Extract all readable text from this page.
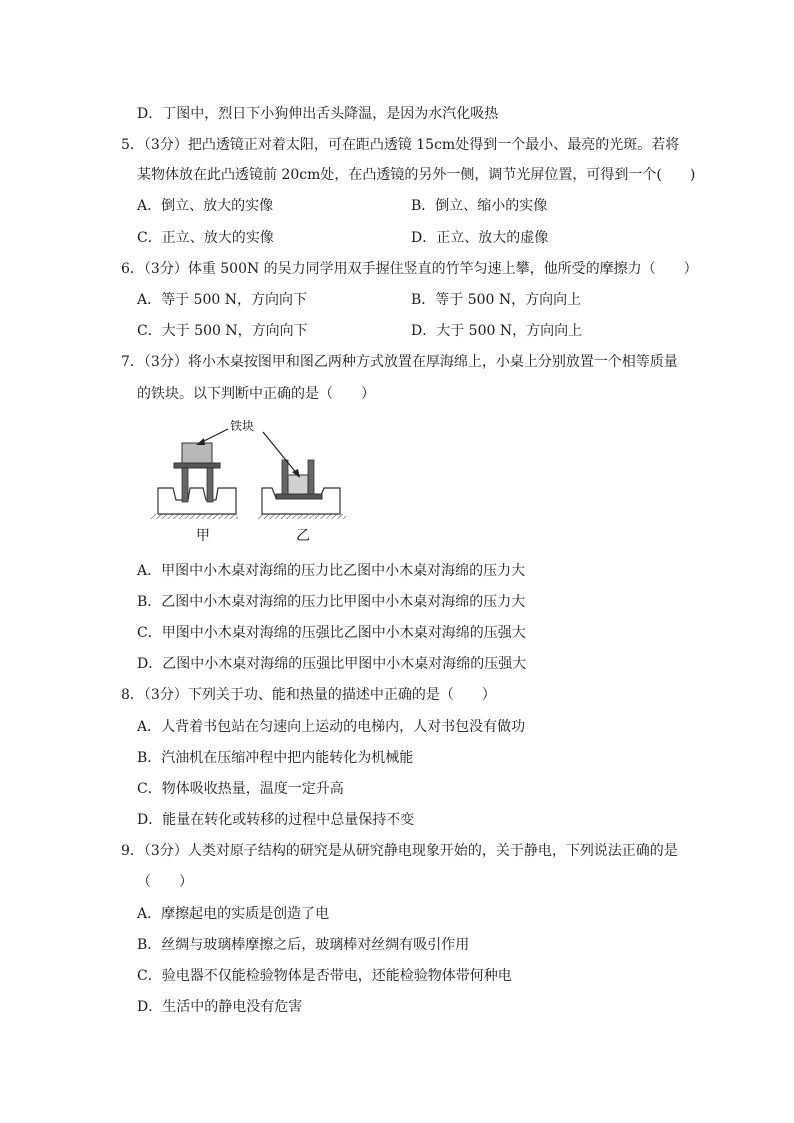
D．丁图中，烈日下小狗伸出舌头降温，是因为水汽化吸热
5．（3分）把凸透镜正对着太阳，可在距凸透镜 15cm处得到一个最小、最亮的光斑。若将
某物体放在此凸透镜前 20cm处，在凸透镜的另外一侧，调节光屏位置，可得到一个(　　)
A．倒立、放大的实像	B．倒立、缩小的实像
C．正立、放大的实像	D．正立、放大的虚像
6．（3分）体重 500N 的吴力同学用双手握住竖直的竹竿匀速上攀，他所受的摩擦力（　　）
A．等于 500 N，方向向下	B．等于 500 N，方向向上
C．大于 500 N，方向向下	D．大于 500 N，方向向上
7．（3分）将小木桌按图甲和图乙两种方式放置在厚海绵上，小桌上分别放置一个相等质量
的铁块。以下判断中正确的是（　　）
铁块
甲	乙
A．甲图中小木桌对海绵的压力比乙图中小木桌对海绵的压力大
B．乙图中小木桌对海绵的压力比甲图中小木桌对海绵的压力大
C．甲图中小木桌对海绵的压强比乙图中小木桌对海绵的压强大
D．乙图中小木桌对海绵的压强比甲图中小木桌对海绵的压强大
8．（3分）下列关于功、能和热量的描述中正确的是（　　）
A．人背着书包站在匀速向上运动的电梯内，人对书包没有做功
B．汽油机在压缩冲程中把内能转化为机械能
C．物体吸收热量，温度一定升高
D．能量在转化或转移的过程中总量保持不变
9．（3分）人类对原子结构的研究是从研究静电现象开始的，关于静电，下列说法正确的是
（　　）
A．摩擦起电的实质是创造了电
B．丝绸与玻璃棒摩擦之后，玻璃棒对丝绸有吸引作用
C．验电器不仅能检验物体是否带电，还能检验物体带何种电
D．生活中的静电没有危害
